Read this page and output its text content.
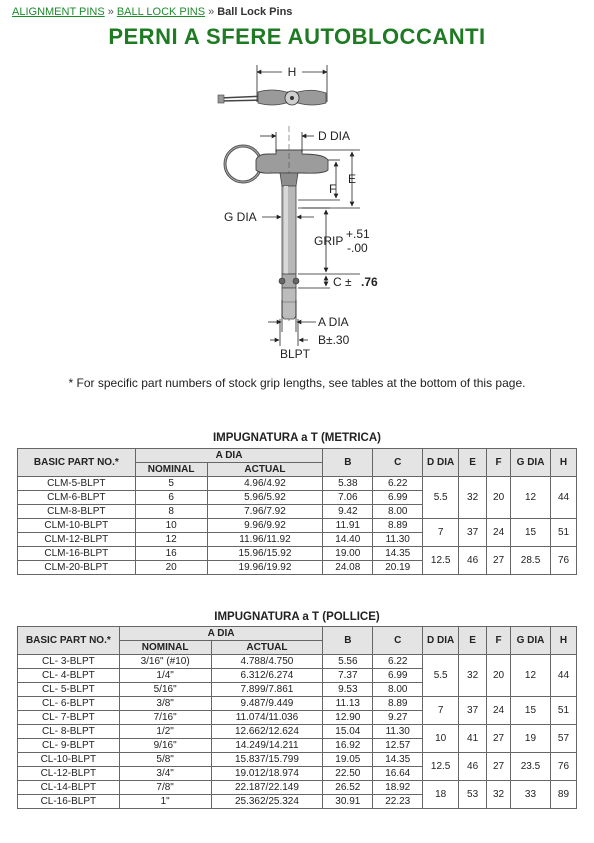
ALIGNMENT PINS » BALL LOCK PINS » Ball Lock Pins
PERNI A SFERE AUTOBLOCCANTI
H
D DIA
E
F
G DIA
GRIP +.51
-.00
C ± .76
A DIA
B±.30
BLPT
* For specific part numbers of stock grip lengths, see tables at the bottom of this page.
IMPUGNATURA a T (METRICA)
BASIC PART NO.*	A DIA		B	C	D DIA	E	F	G DIA	H
	NOMINAL	ACTUAL							
CLM-5-BLPT	5	4.96/4.92	5.38	6.22	5.5	32	20	12	44
CLM-6-BLPT	6	5.96/5.92	7.06	6.99					
CLM-8-BLPT	8	7.96/7.92	9.42	8.00					
CLM-10-BLPT	10	9.96/9.92	11.91	8.89	7	37	24	15	51
CLM-12-BLPT	12	11.96/11.92	14.40	11.30					
CLM-16-BLPT	16	15.96/15.92	19.00	14.35	12.5	46	27	28.5	76
CLM-20-BLPT	20	19.96/19.92	24.08	20.19					
IMPUGNATURA a T (POLLICE)
BASIC PART NO.*	A DIA		B	C	D DIA	E	F	G DIA	H
	NOMINAL	ACTUAL							
CL- 3-BLPT	3/16" (#10)	4.788/4.750	5.56	6.22	5.5	32	20	12	44
CL- 4-BLPT	1/4"	6.312/6.274	7.37	6.99					
CL- 5-BLPT	5/16"	7.899/7.861	9.53	8.00					
CL- 6-BLPT	3/8"	9.487/9.449	11.13	8.89	7	37	24	15	51
CL- 7-BLPT	7/16"	11.074/11.036	12.90	9.27					
CL- 8-BLPT	1/2"	12.662/12.624	15.04	11.30	10	41	27	19	57
CL- 9-BLPT	9/16"	14.249/14.211	16.92	12.57					
CL-10-BLPT	5/8"	15.837/15.799	19.05	14.35	12.5	46	27	23.5	76
CL-12-BLPT	3/4"	19.012/18.974	22.50	16.64					
CL-14-BLPT	7/8"	22.187/22.149	26.52	18.92	18	53	32	33	89
CL-16-BLPT	1"	25.362/25.324	30.91	22.23					
